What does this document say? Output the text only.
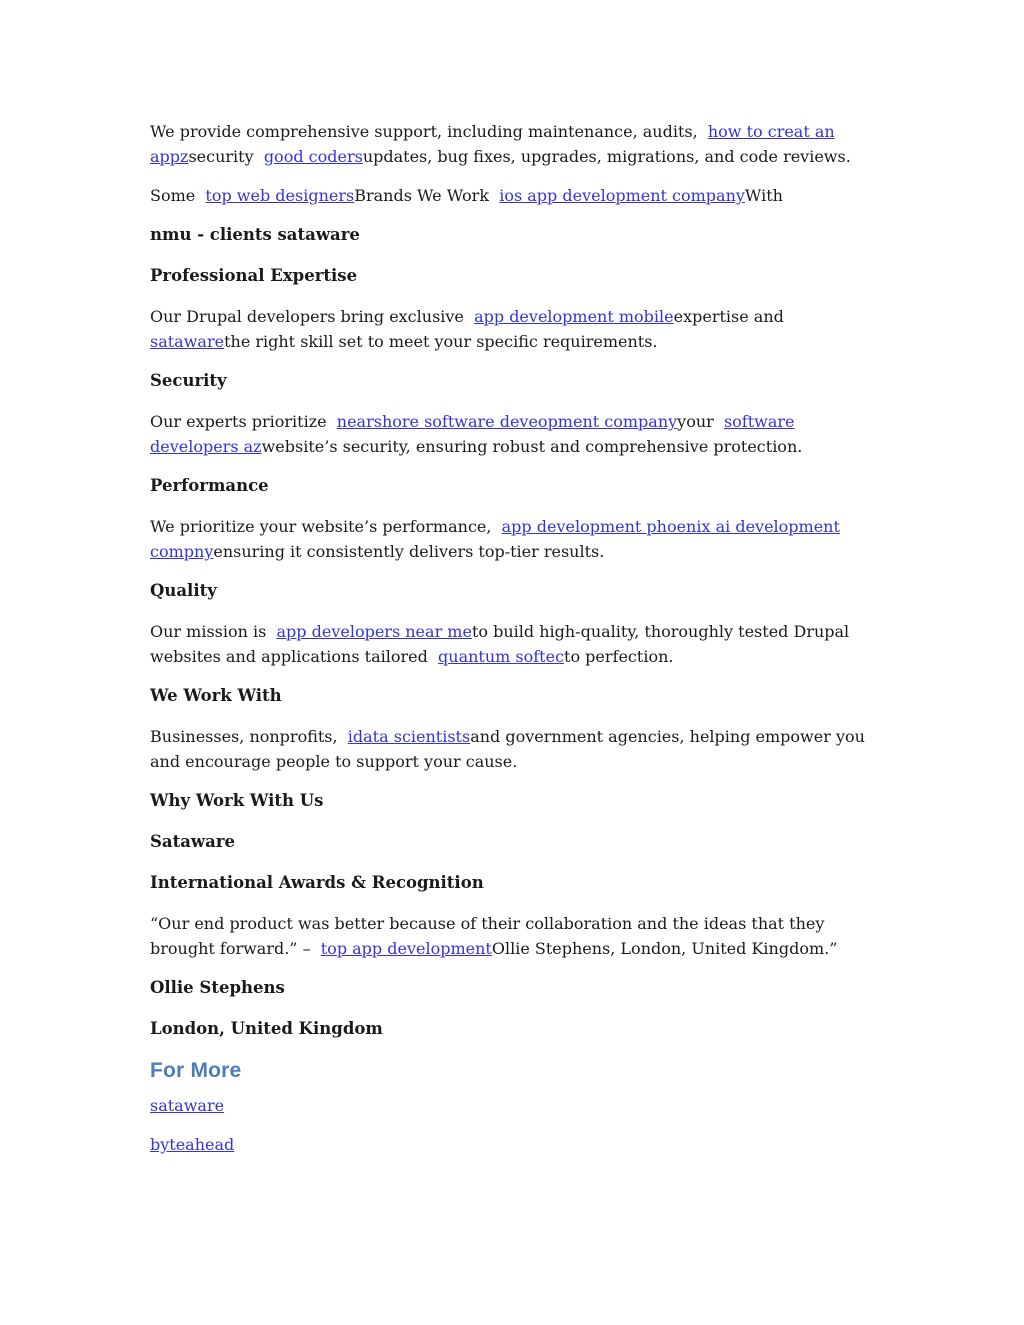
We provide comprehensive support, including maintenance, audits,  how to creat an appzsecurity  good codersupdates, bug fixes, upgrades, migrations, and code reviews.

Some  top web designersBrands We Work  ios app development companyWith

nmu - clients sataware
Professional Expertise

Our Drupal developers bring exclusive  app development mobileexpertise and  satawarethe right skill set to meet your specific requirements.

Security

Our experts prioritize  nearshore software deveopment companyyour  software developers azwebsite’s security, ensuring robust and comprehensive protection.

Performance

We prioritize your website’s performance,  app development phoenix ai development compnyensuring it consistently delivers top-tier results.

Quality

Our mission is  app developers near meto build high-quality, thoroughly tested Drupal websites and applications tailored  quantum softecto perfection.

We Work With

Businesses, nonprofits,  idata scientistsand government agencies, helping empower you and encourage people to support your cause.

Why Work With Us
Sataware
International Awards & Recognition

“Our end product was better because of their collaboration and the ideas that they brought forward.” –  top app developmentOllie Stephens, London, United Kingdom.”

Ollie Stephens
London, United Kingdom
For More

sataware

byteahead
